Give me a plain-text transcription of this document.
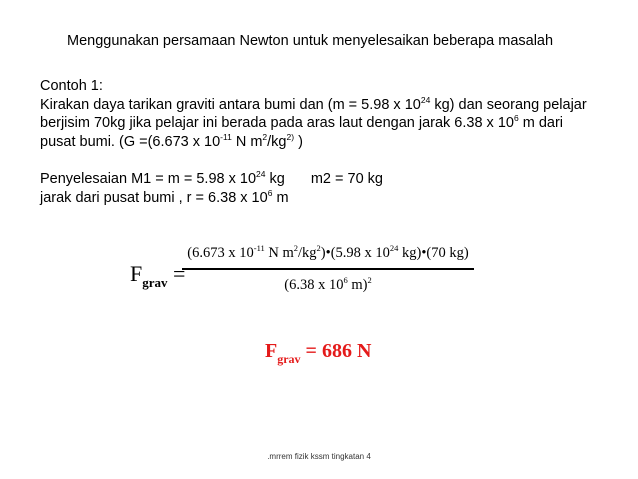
Menggunakan persamaan Newton untuk menyelesaikan beberapa masalah

Contoh 1:

Kirakan daya tarikan graviti antara bumi dan (m = 5.98 x $10^{24}$ kg) dan seorang pelajar

berjisim 70kg jika pelajar ini berada pada aras laut dengan jarak 6.38 x $10^6$ m dari

pusat bumi. (G =(6.673 x $10^{-11}$ N $m^2/kg^{2)}$ )

Penyelesaian M1 = m = 5.98 x $10^{24}$ kg m2 = 70 kg

jarak dari pusat bumi , r = 6.38 x $10^6$ m

$F_{grav}$ =
(6.673 x $10^{-11}$ N $m^2/kg^2)•(5.98$ x $10^{24}$ kg)•(70 kg)
(6.38 x $10^6$ m)$^2$
$F_{grav} = 686$ N
.mrrem fizik kssm tingkatan 4
